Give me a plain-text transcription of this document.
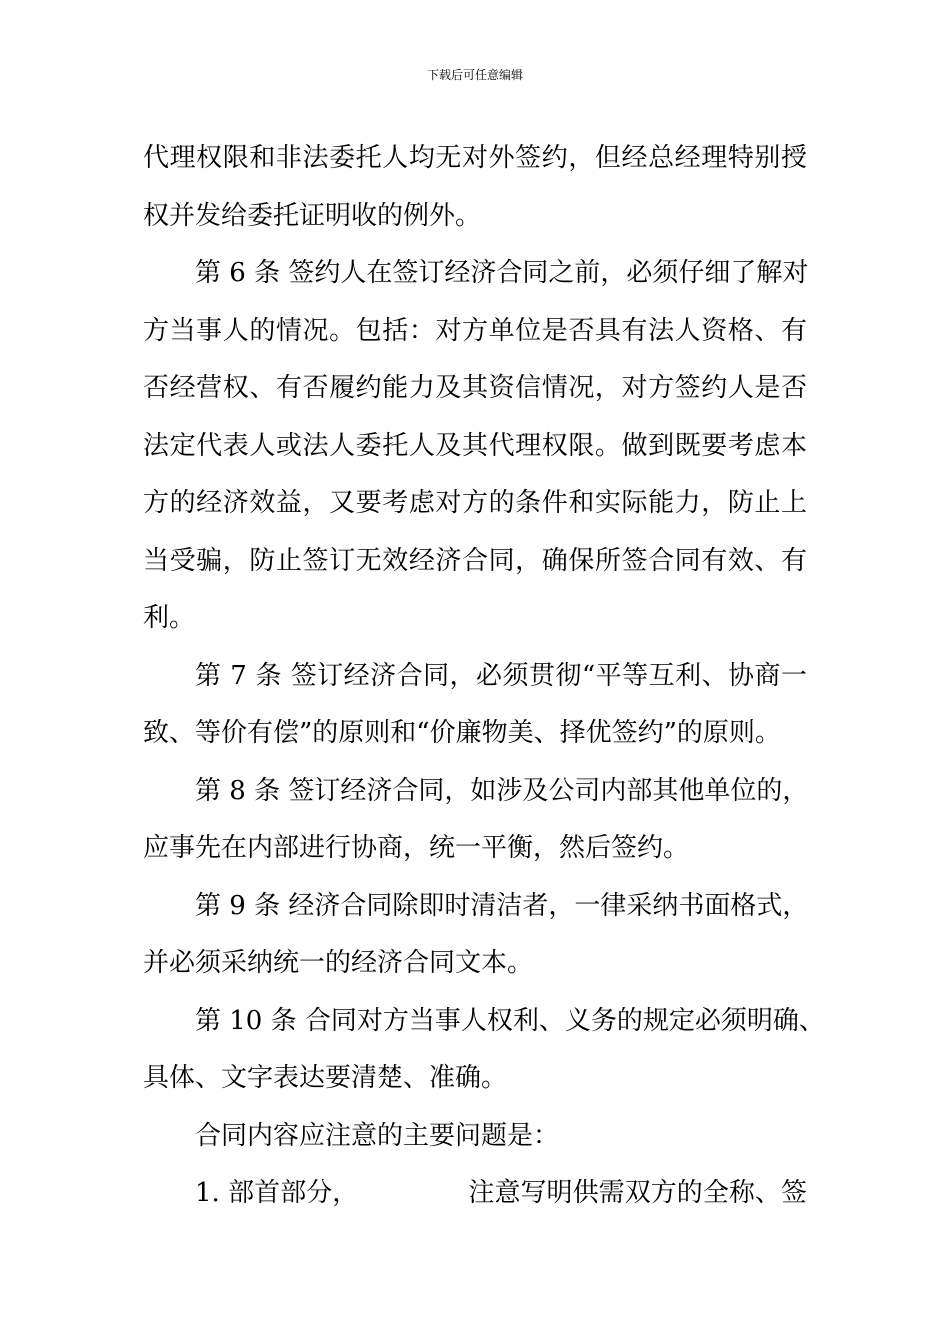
下载后可任意编辑
代理权限和非法委托人均无对外签约，但经总经理特别授
权并发给委托证明收的例外。
第 6 条 签约人在签订经济合同之前，必须仔细了解对
方当事人的情况。包括：对方单位是否具有法人资格、有
否经营权、有否履约能力及其资信情况，对方签约人是否
法定代表人或法人委托人及其代理权限。做到既要考虑本
方的经济效益，又要考虑对方的条件和实际能力，防止上
当受骗，防止签订无效经济合同，确保所签合同有效、有
利。
第 7 条 签订经济合同，必须贯彻“平等互利、协商一
致、等价有偿”的原则和“价廉物美、择优签约”的原则。
第 8 条 签订经济合同，如涉及公司内部其他单位的，
应事先在内部进行协商，统一平衡，然后签约。
第 9 条 经济合同除即时清洁者，一律采纳书面格式，
并必须采纳统一的经济合同文本。
第 10 条 合同对方当事人权利、义务的规定必须明确、
具体、文字表达要清楚、准确。
合同内容应注意的主要问题是：
1. 部首部分，	注意写明供需双方的全称、签
